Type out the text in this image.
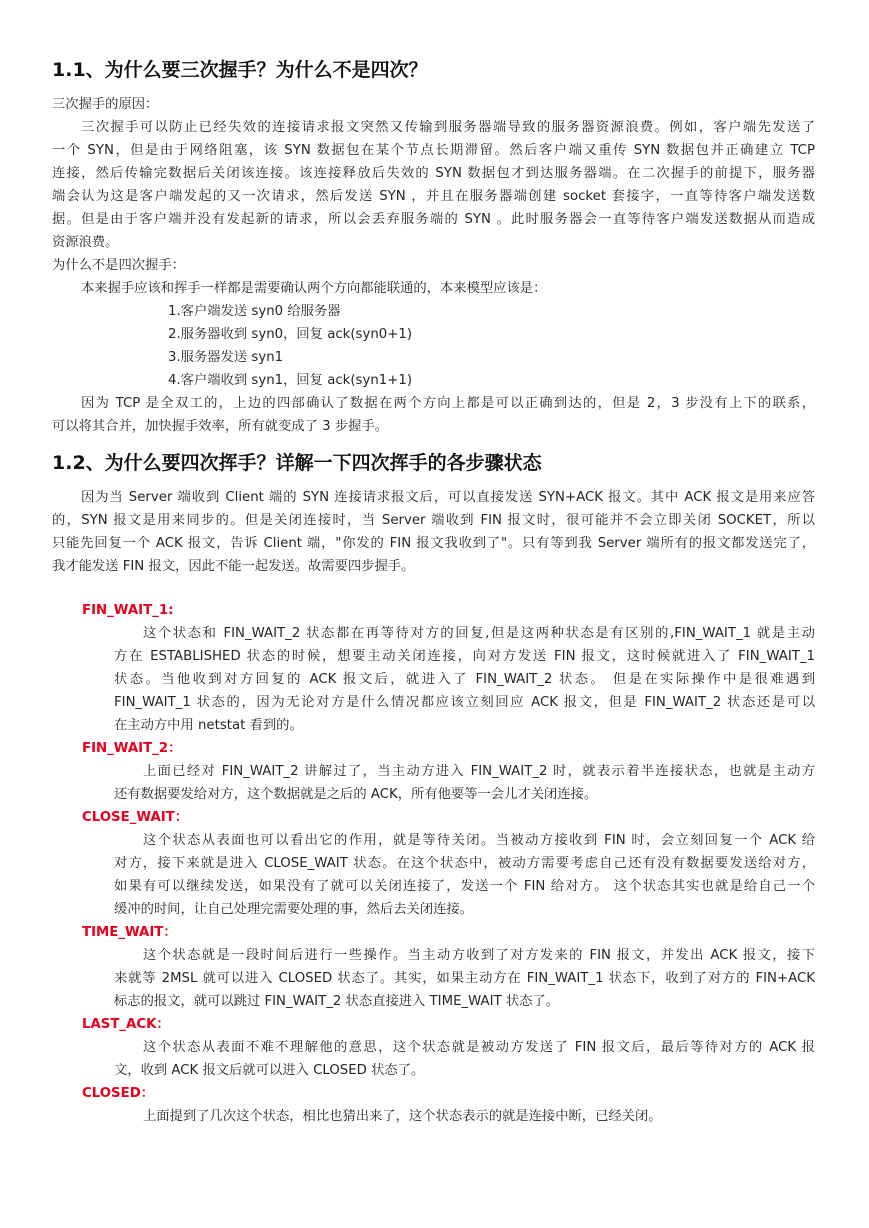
1.1、为什么要三次握手？为什么不是四次？

三次握手的原因：

三次握手可以防止已经失效的连接请求报文突然又传输到服务器端导致的服务器资源浪费。例如，客户端先发送了

一个 SYN，但是由于网络阻塞，该 SYN 数据包在某个节点长期滞留。然后客户端又重传 SYN 数据包并正确建立 TCP

连接，然后传输完数据后关闭该连接。该连接释放后失效的 SYN 数据包才到达服务器端。在二次握手的前提下，服务器

端会认为这是客户端发起的又一次请求，然后发送 SYN ，并且在服务器端创建 socket 套接字，一直等待客户端发送数

据。但是由于客户端并没有发起新的请求，所以会丢弃服务端的 SYN 。此时服务器会一直等待客户端发送数据从而造成

资源浪费。

为什么不是四次握手：

本来握手应该和挥手一样都是需要确认两个方向都能联通的，本来模型应该是：

1.客户端发送 syn0 给服务器

2.服务器收到 syn0，回复 ack(syn0+1)

3.服务器发送 syn1

4.客户端收到 syn1，回复 ack(syn1+1)

因为 TCP 是全双工的，上边的四部确认了数据在两个方向上都是可以正确到达的，但是 2，3 步没有上下的联系，

可以将其合并，加快握手效率，所有就变成了 3 步握手。

1.2、为什么要四次挥手？详解一下四次挥手的各步骤状态

因为当 Server 端收到 Client 端的 SYN 连接请求报文后，可以直接发送 SYN+ACK 报文。其中 ACK 报文是用来应答

的，SYN 报文是用来同步的。但是关闭连接时，当 Server 端收到 FIN 报文时，很可能并不会立即关闭 SOCKET，所以

只能先回复一个 ACK 报文，告诉 Client 端，"你发的 FIN 报文我收到了"。只有等到我 Server 端所有的报文都发送完了，

我才能发送 FIN 报文，因此不能一起发送。故需要四步握手。

FIN_WAIT_1:

这个状态和 FIN_WAIT_2 状态都在再等待对方的回复,但是这两种状态是有区别的,FIN_WAIT_1 就是主动

方在 ESTABLISHED 状态的时候，想要主动关闭连接，向对方发送 FIN 报文，这时候就进入了 FIN_WAIT_1

状态。当他收到对方回复的 ACK 报文后，就进入了 FIN_WAIT_2 状态。 但是在实际操作中是很难遇到

FIN_WAIT_1 状态的，因为无论对方是什么情况都应该立刻回应 ACK 报文，但是 FIN_WAIT_2 状态还是可以

在主动方中用 netstat 看到的。

FIN_WAIT_2：

上面已经对 FIN_WAIT_2 讲解过了，当主动方进入 FIN_WAIT_2 时，就表示着半连接状态，也就是主动方

还有数据要发给对方，这个数据就是之后的 ACK，所有他要等一会儿才关闭连接。

CLOSE_WAIT：

这个状态从表面也可以看出它的作用，就是等待关闭。当被动方接收到 FIN 时，会立刻回复一个 ACK 给

对方，接下来就是进入 CLOSE_WAIT 状态。在这个状态中，被动方需要考虑自己还有没有数据要发送给对方，

如果有可以继续发送，如果没有了就可以关闭连接了，发送一个 FIN 给对方。 这个状态其实也就是给自己一个

缓冲的时间，让自己处理完需要处理的事，然后去关闭连接。

TIME_WAIT：

这个状态就是一段时间后进行一些操作。当主动方收到了对方发来的 FIN 报文，并发出 ACK 报文，接下

来就等 2MSL 就可以进入 CLOSED 状态了。其实，如果主动方在 FIN_WAIT_1 状态下，收到了对方的 FIN+ACK

标志的报文，就可以跳过 FIN_WAIT_2 状态直接进入 TIME_WAIT 状态了。

LAST_ACK：

这个状态从表面不难不理解他的意思，这个状态就是被动方发送了 FIN 报文后，最后等待对方的 ACK 报

文，收到 ACK 报文后就可以进入 CLOSED 状态了。

CLOSED：

上面提到了几次这个状态，相比也猜出来了，这个状态表示的就是连接中断，已经关闭。
